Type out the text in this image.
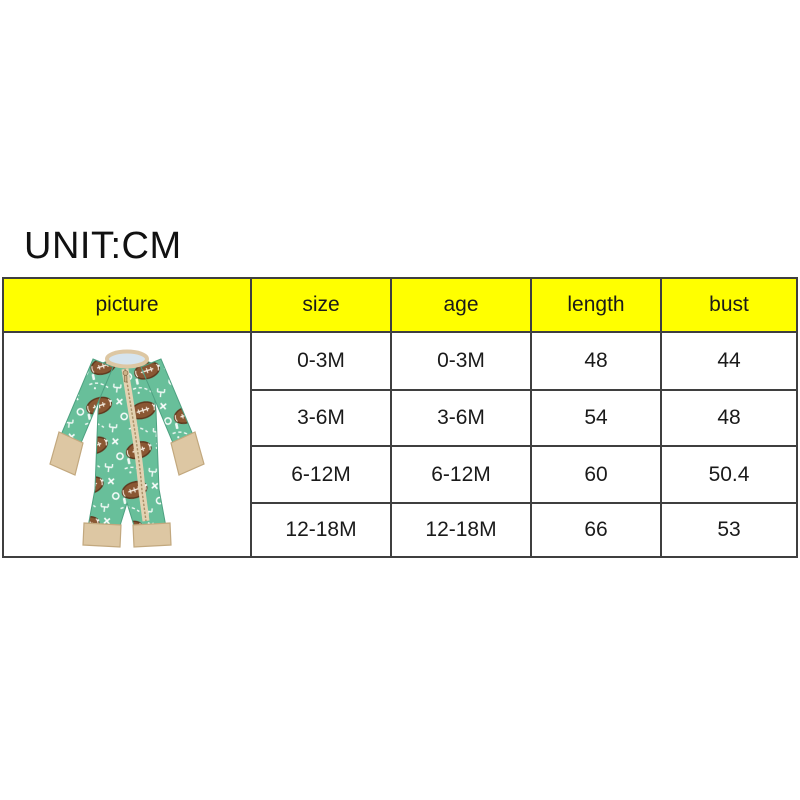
UNIT:CM
picture	size	age	length	bust

	0-3M	0-3M	48	44
	3-6M	3-6M	54	48
	6-12M	6-12M	60	50.4
	12-18M	12-18M	66	53
